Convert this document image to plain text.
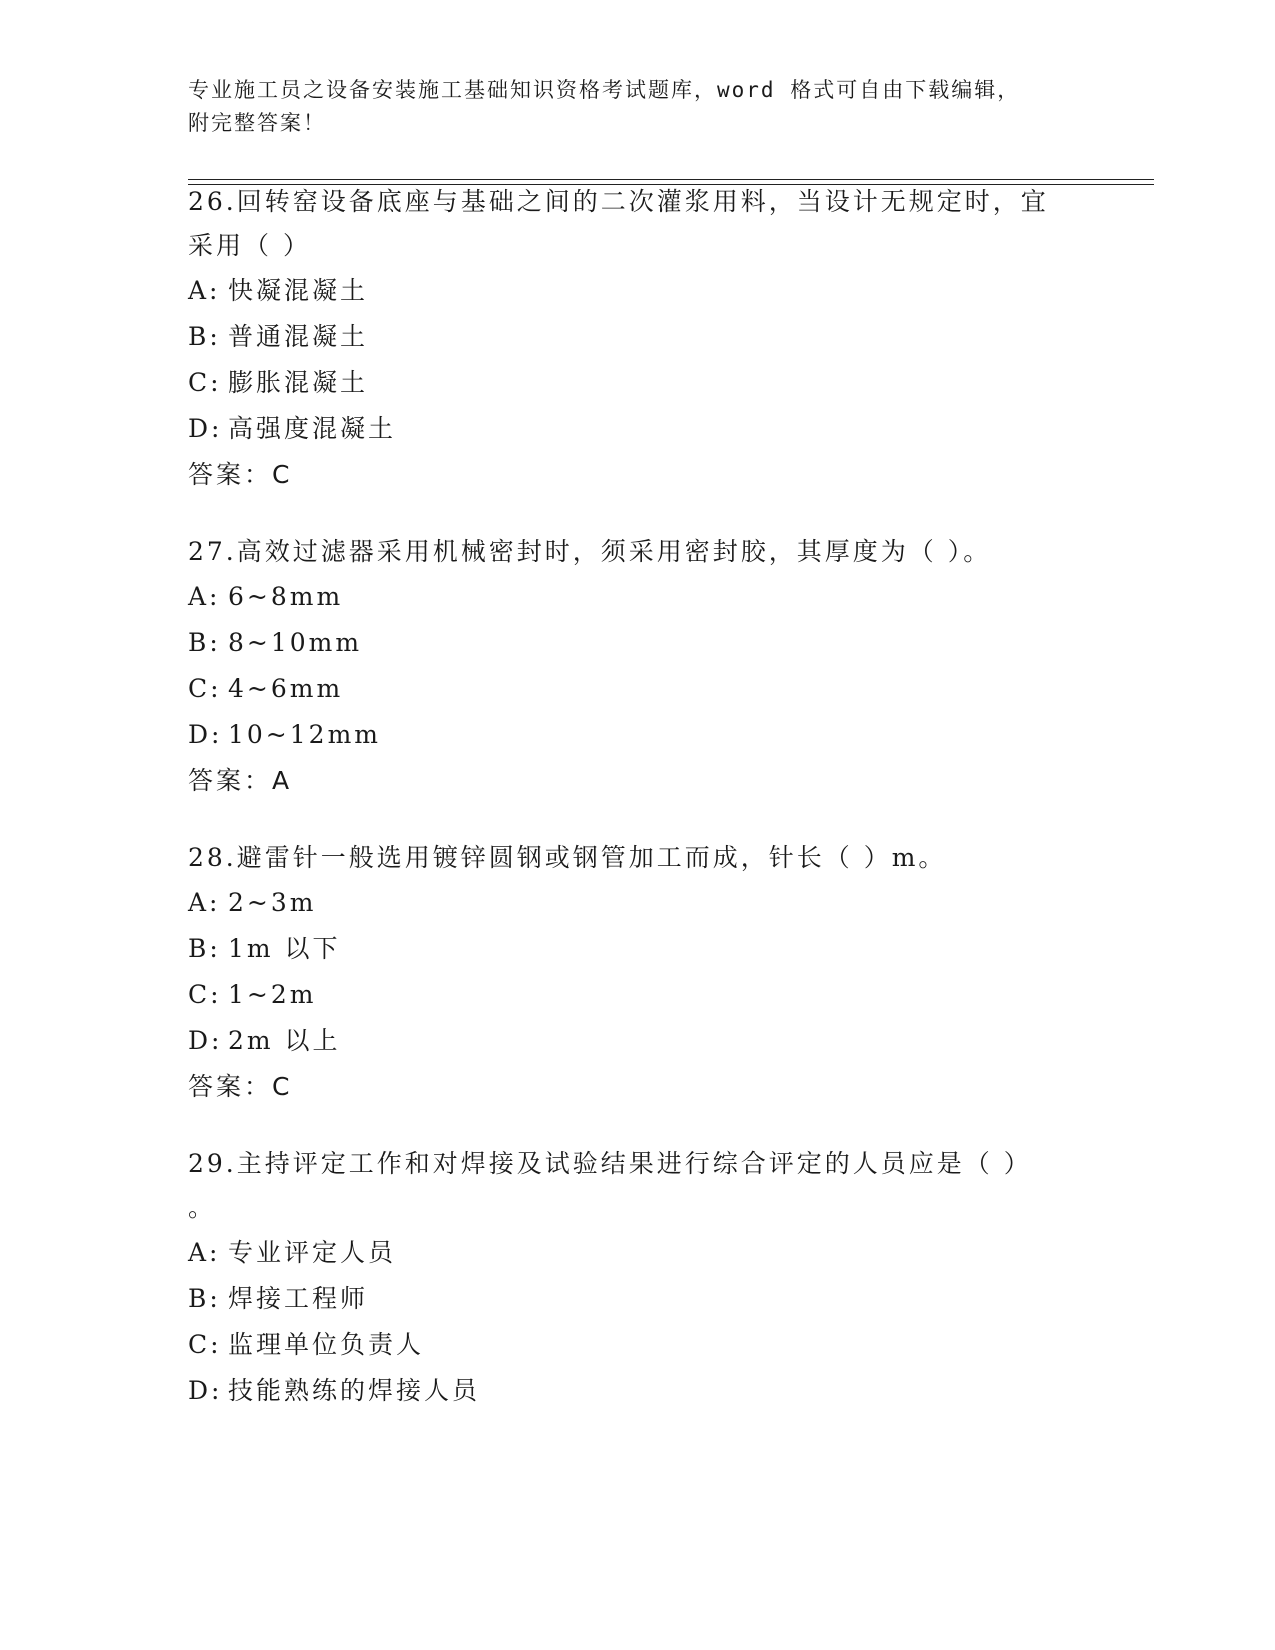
专业施工员之设备安装施工基础知识资格考试题库，word 格式可自由下载编辑，
附完整答案！
26.回转窑设备底座与基础之间的二次灌浆用料，当设计无规定时，宜
采用（ ）
A: 快凝混凝土
B: 普通混凝土
C: 膨胀混凝土
D: 高强度混凝土
答案：C
27.高效过滤器采用机械密封时，须采用密封胶，其厚度为（ ）。
A: 6~8mm
B: 8~10mm
C: 4~6mm
D: 10~12mm
答案：A
28.避雷针一般选用镀锌圆钢或钢管加工而成，针长（ ）m。
A: 2~3m
B: 1m 以下
C: 1~2m
D: 2m 以上
答案：C
29.主持评定工作和对焊接及试验结果进行综合评定的人员应是（ ）
。
A: 专业评定人员
B: 焊接工程师
C: 监理单位负责人
D: 技能熟练的焊接人员
